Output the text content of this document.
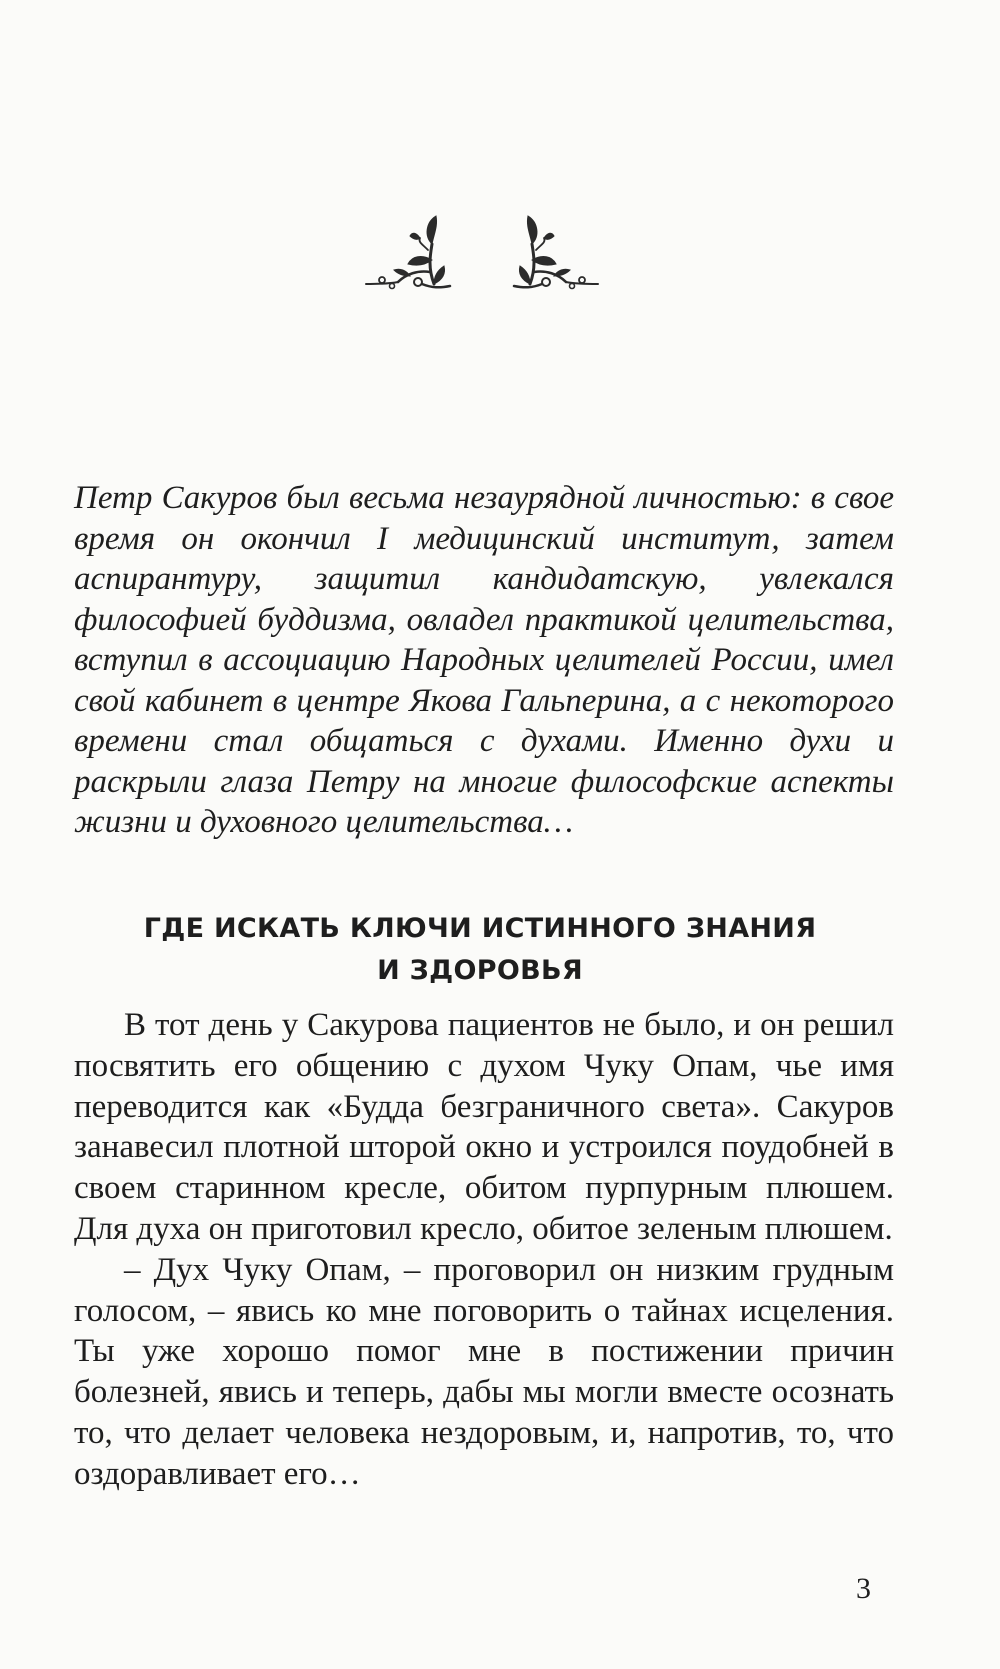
Петр Сакуров был весьма незаурядной личностью: в свое время он окончил I медицинский институт, затем аспирантуру, защитил кандидатскую, увлекался философией буддизма, овладел практикой целительства, вступил в ассоциацию Народных целителей России, имел свой кабинет в центре Якова Гальперина, а с некоторого времени стал общаться с духами. Именно духи и раскрыли глаза Петру на многие философские аспекты жизни и духовного целительства…

ГДЕ ИСКАТЬ КЛЮЧИ ИСТИННОГО ЗНАНИЯ
И ЗДОРОВЬЯ

В тот день у Сакурова пациентов не было, и он решил посвятить его общению с духом Чуку Опам, чье имя переводится как «Будда безграничного света». Сакуров занавесил плотной шторой окно и устроился поудобней в своем старинном кресле, обитом пурпурным плюшем. Для духа он приготовил кресло, обитое зеленым плюшем.

– Дух Чуку Опам, – проговорил он низким грудным голосом, – явись ко мне поговорить о тайнах исцеления. Ты уже хорошо помог мне в постижении причин болезней, явись и теперь, дабы мы могли вместе осознать то, что делает человека нездоровым, и, напротив, то, что оздоравливает его…

3
